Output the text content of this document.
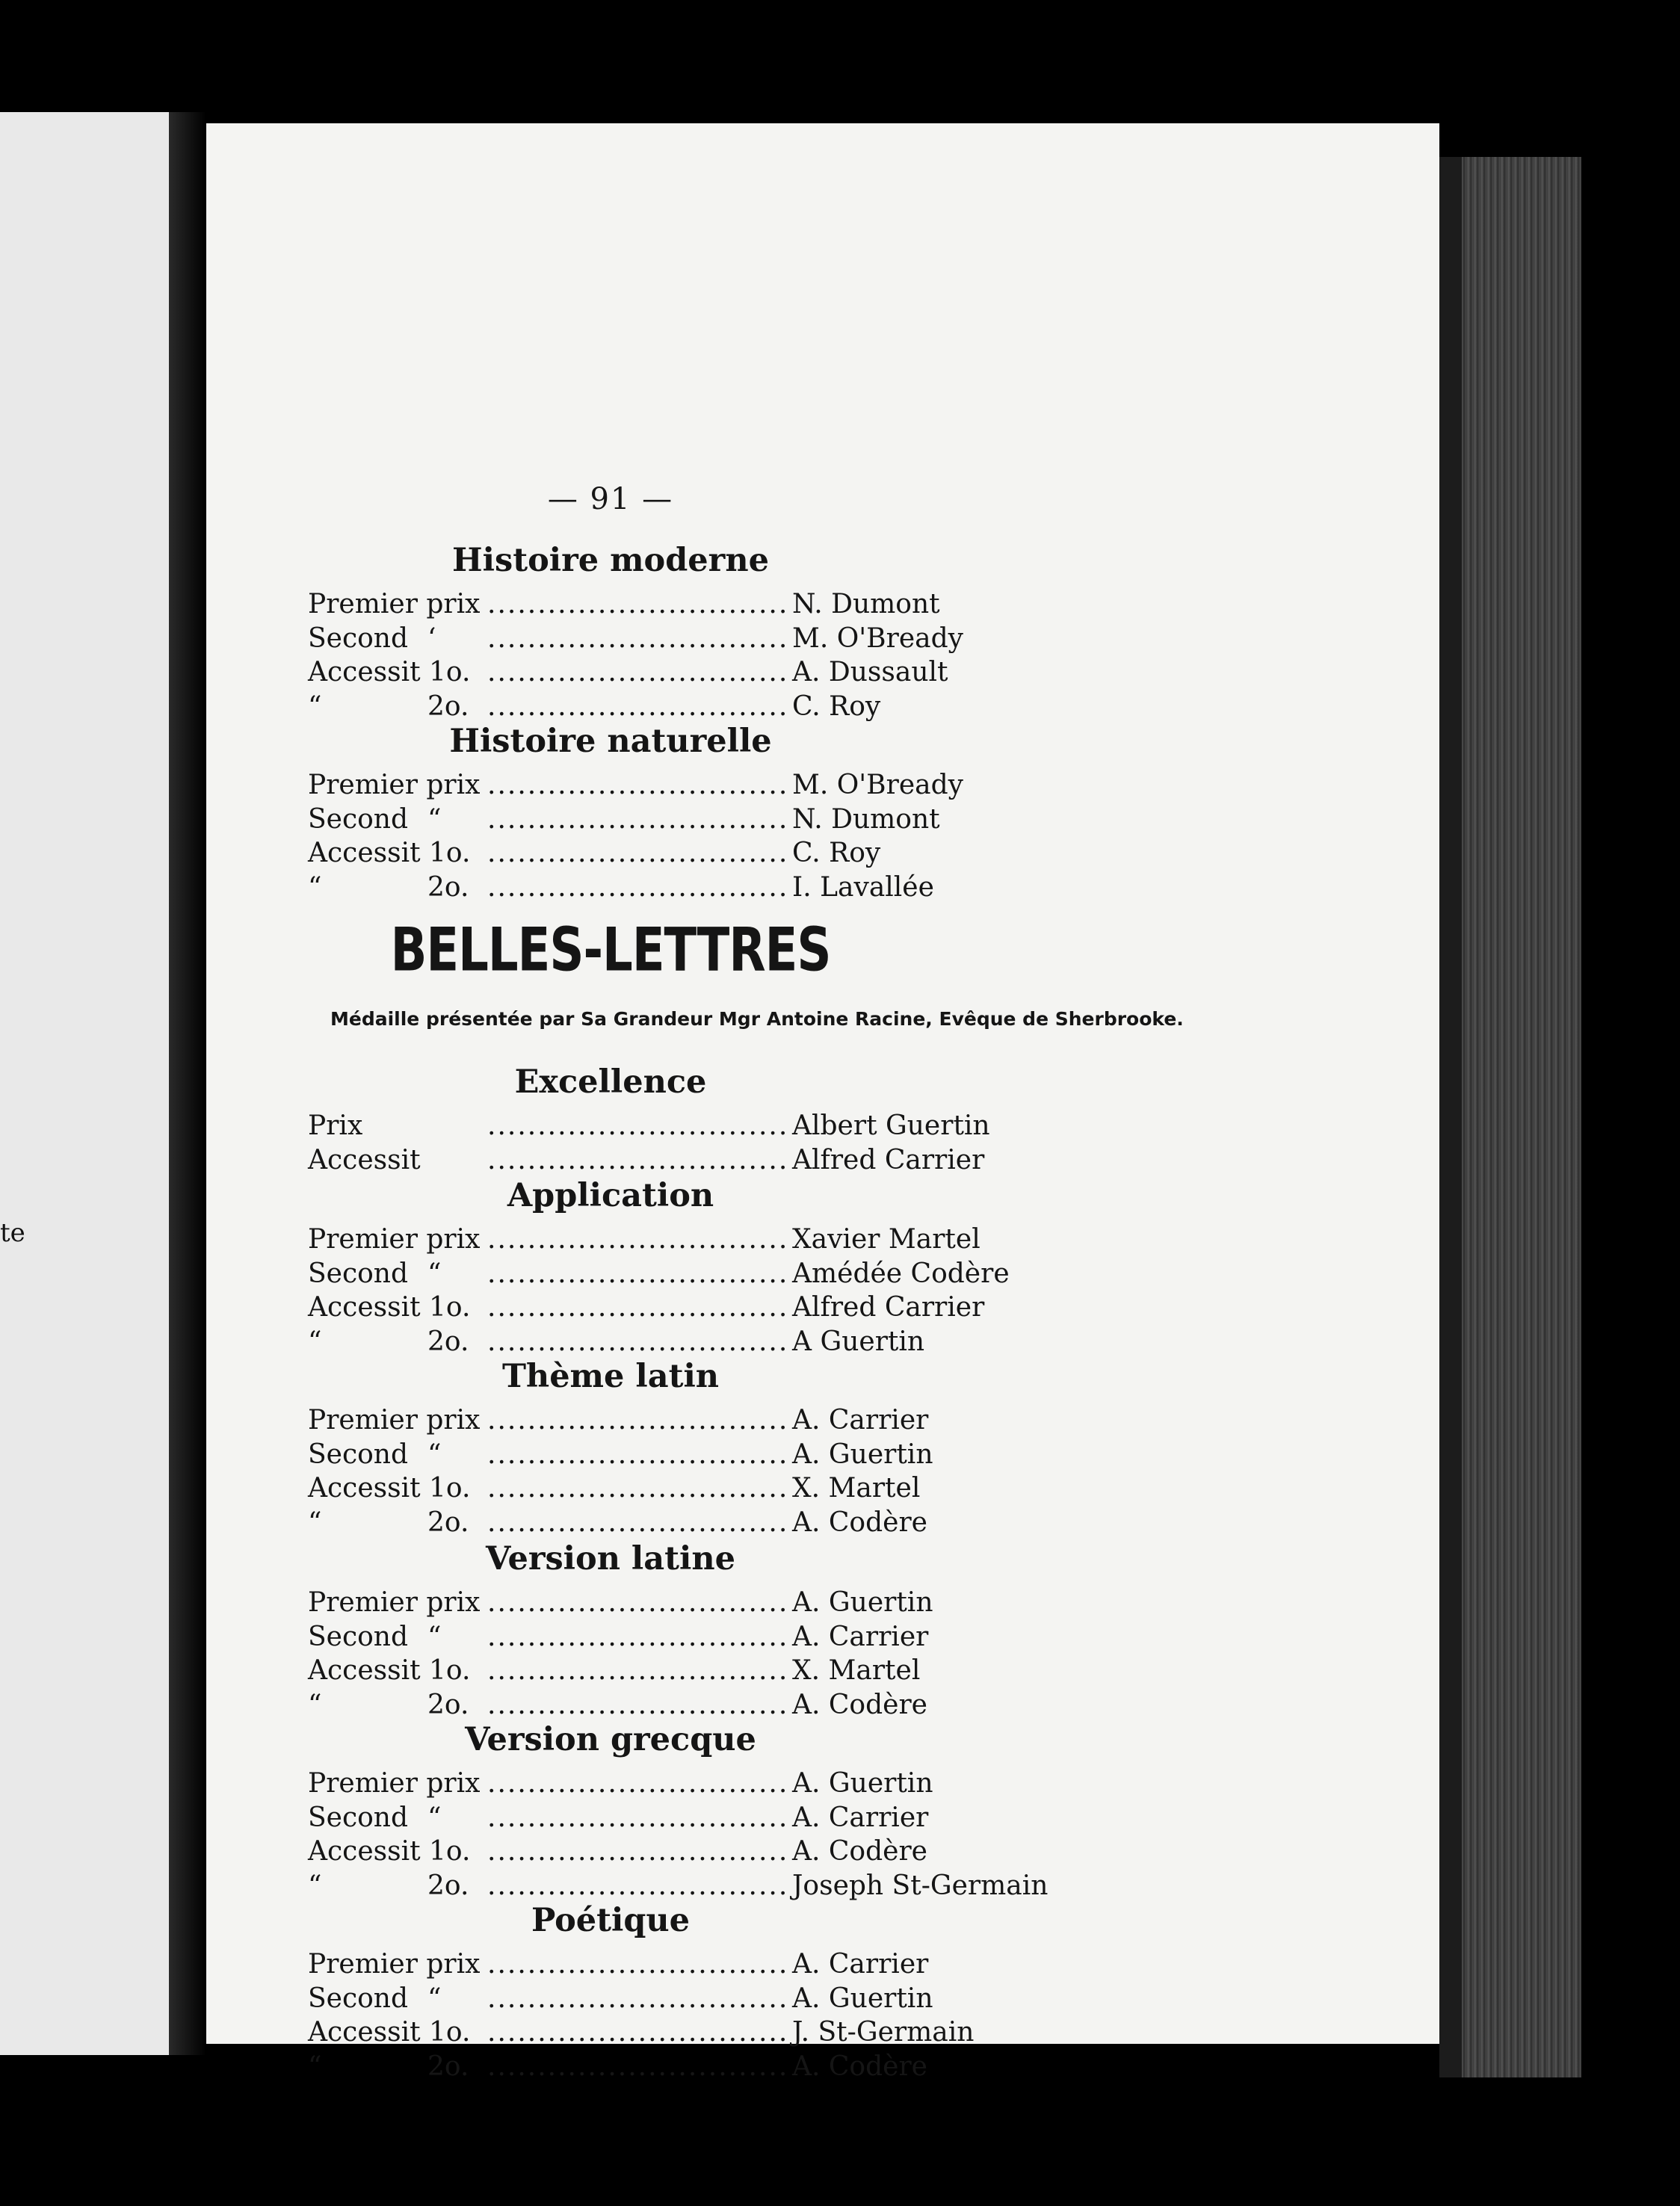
te
— 91 —
Histoire moderne
Premier prix .....	N. Dumont
Second ‘ .....	M. O'Bready
Accessit 1o. .....	A. Dussault
“	2o. .....	C. Roy
Histoire naturelle
Premier prix .....	M. O'Bready
Second “ .....	N. Dumont
Accessit 1o. .....	C. Roy
“	2o. .....	I. Lavallée
BELLES-LETTRES
Médaille présentée par Sa Grandeur Mgr Antoine Racine, Evêque de Sherbrooke.
Excellence
Prix .....	Albert Guertin
Accessit .....	Alfred Carrier
Application
Premier prix .....	Xavier Martel
Second “ .....	Amédée Codère
Accessit 1o. .....	Alfred Carrier
“	2o. .....	A Guertin
Thème latin
Premier prix .....	A. Carrier
Second “ .....	A. Guertin
Accessit 1o. .....	X. Martel
“	2o. .....	A. Codère
Version latine
Premier prix .....	A. Guertin
Second “ .....	A. Carrier
Accessit 1o. .....	X. Martel
“	2o. .....	A. Codère
Version grecque
Premier prix .....	A. Guertin
Second “ .....	A. Carrier
Accessit 1o. .....	A. Codère
“	2o. .....	Joseph St-Germain
Poétique
Premier prix .....	A. Carrier
Second “ .....	A. Guertin
Accessit 1o. .....	J. St-Germain
“	2o. .....	A. Codère
